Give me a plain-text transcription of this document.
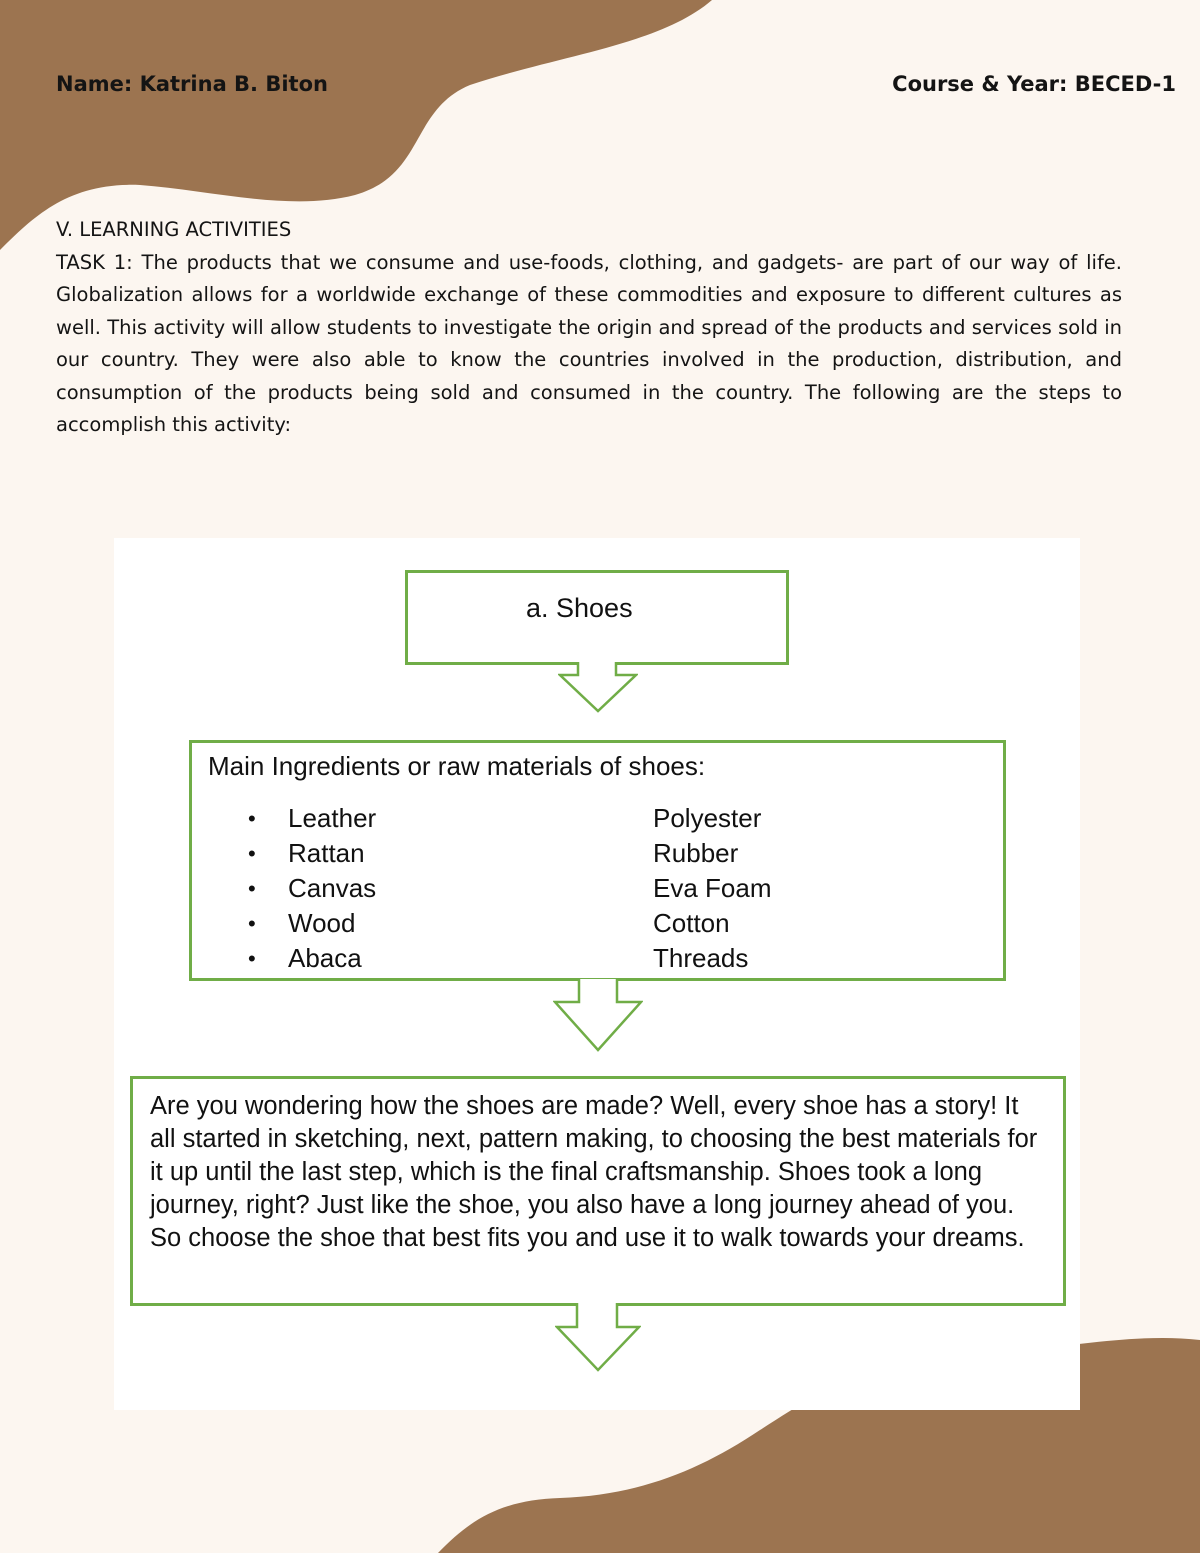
Name: Katrina B. Biton	Course & Year: BECED-1
V. LEARNING ACTIVITIES

TASK 1: The products that we consume and use-foods, clothing, and gadgets- are part of our way of life. Globalization allows for a worldwide exchange of these commodities and exposure to different cultures as well. This activity will allow students to investigate the origin and spread of the products and services sold in our country. They were also able to know the countries involved in the production, distribution, and consumption of the products being sold and consumed in the country. The following are the steps to accomplish this activity:

a. Shoes
Main Ingredients or raw materials of shoes:
• Leather
• Rattan
• Canvas
• Wood
• Abaca
Polyester
Rubber
Eva Foam
Cotton
Threads

Are you wondering how the shoes are made? Well, every shoe has a story! It all started in sketching, next, pattern making, to choosing the best materials for it up until the last step, which is the final craftsmanship. Shoes took a long journey, right? Just like the shoe, you also have a long journey ahead of you. So choose the shoe that best fits you and use it to walk towards your dreams.
